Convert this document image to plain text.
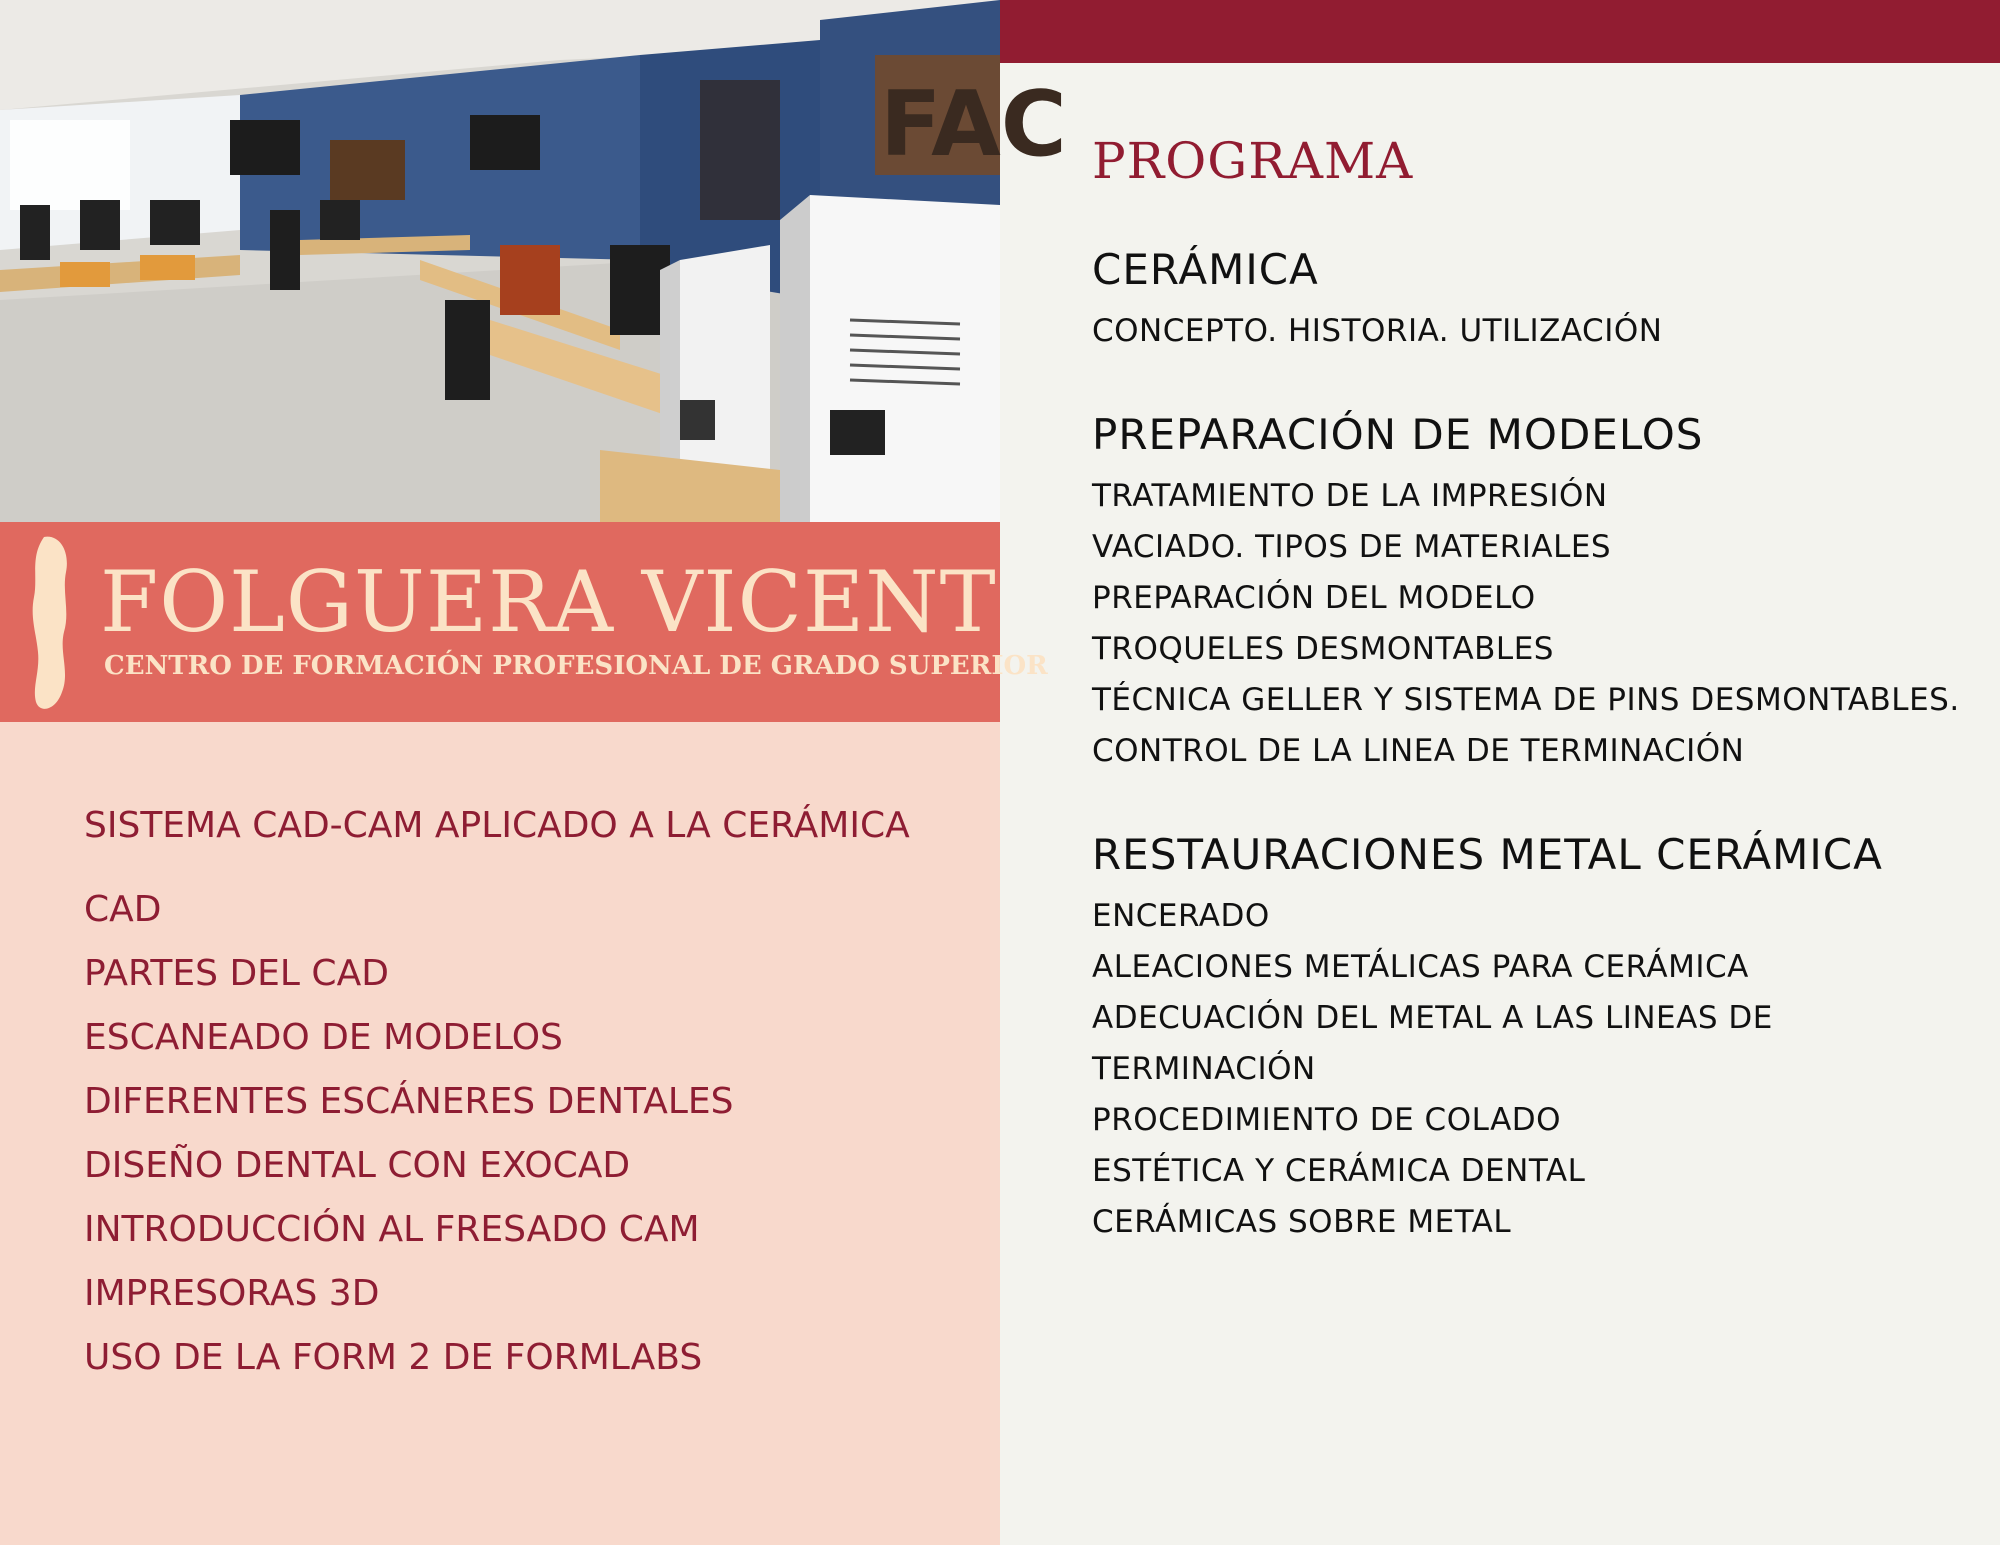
FAC
FOLGUERA VICENT
CENTRO DE FORMACIÓN PROFESIONAL DE GRADO SUPERIOR
SISTEMA CAD-CAM APLICADO A LA CERÁMICA
CAD
PARTES DEL CAD
ESCANEADO DE MODELOS
DIFERENTES ESCÁNERES DENTALES
DISEÑO DENTAL CON EXOCAD
INTRODUCCIÓN AL FRESADO CAM
IMPRESORAS 3D
USO DE LA FORM 2 DE FORMLABS
PROGRAMA
CERÁMICA
CONCEPTO. HISTORIA. UTILIZACIÓN
PREPARACIÓN DE MODELOS
TRATAMIENTO DE LA IMPRESIÓN
VACIADO. TIPOS DE MATERIALES
PREPARACIÓN DEL MODELO
TROQUELES DESMONTABLES
TÉCNICA GELLER Y SISTEMA DE PINS DESMONTABLES.
CONTROL DE LA LINEA DE TERMINACIÓN
RESTAURACIONES METAL CERÁMICA
ENCERADO
ALEACIONES METÁLICAS PARA CERÁMICA
ADECUACIÓN DEL METAL A LAS LINEAS DE TERMINACIÓN
PROCEDIMIENTO DE COLADO
ESTÉTICA Y CERÁMICA DENTAL
CERÁMICAS SOBRE METAL
